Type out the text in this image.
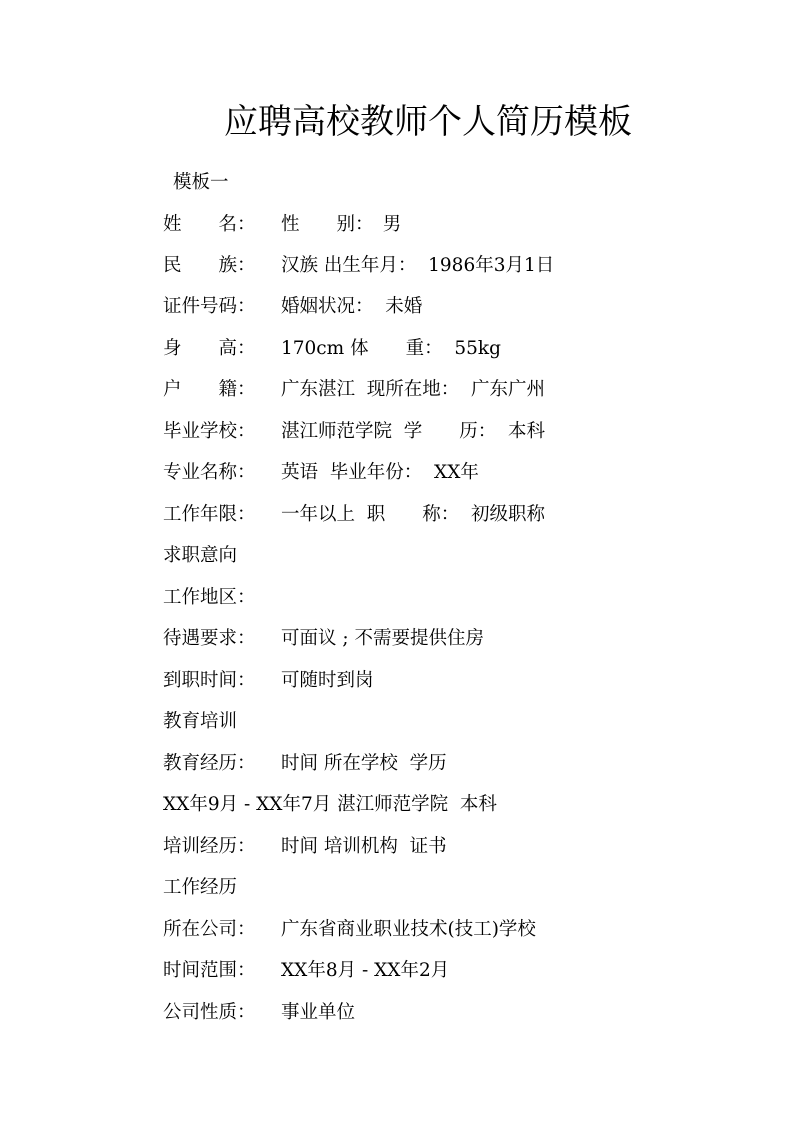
应聘高校教师个人简历模板
模板一
姓　　名： 性　　别：　男
民　　族： 汉族 出生年月：  1986年3月1日
证件号码： 婚姻状况：  未婚
身　　高： 170cm 体　　重：  55kg
户　　籍： 广东湛江  现所在地：  广东广州
毕业学校： 湛江师范学院  学　　历：  本科
专业名称： 英语  毕业年份：  XX年
工作年限： 一年以上  职　　称：  初级职称
求职意向
工作地区：
待遇要求： 可面议 ; 不需要提供住房
到职时间： 可随时到岗
教育培训
教育经历： 时间 所在学校  学历
XX年9月 - XX年7月 湛江师范学院  本科
培训经历： 时间 培训机构  证书
工作经历
所在公司： 广东省商业职业技术(技工)学校
时间范围： XX年8月 - XX年2月
公司性质： 事业单位
